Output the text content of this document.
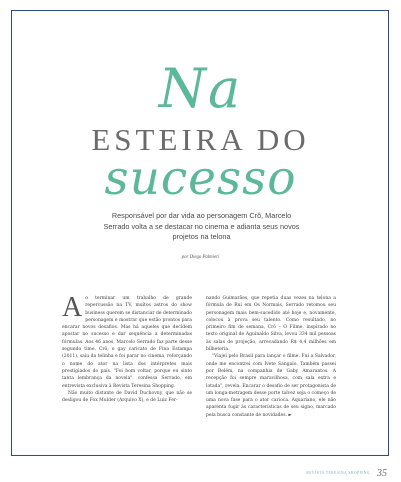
Na
ESTEIRA DO
sucesso
Responsável por dar vida ao personagem Crô, Marcelo Serrado volta a se destacar no cinema e adianta seus novos projetos na telona
por Diego Palmieri
A o terminar um trabalho de grande repercussão na TV, muitos astros do show business querem se distanciar de determinado personagem e mostrar que estão prontos para encarar novos desafios. Mas há aqueles que decidem apostar no sucesso e dar sequência a determinadas fórmulas. Aos 46 anos, Marcelo Serrado faz parte desse segundo time. Crô, o gay caricato de Fina Estampa (2011), saiu da telinha e foi parar no cinema, reforçando o nome do ator na lista dos intérpretes mais prestigiados do país. "Foi bom voltar, porque eu sinto tanta lembrança da novela", confessa Serrado, em entrevista exclusiva à Revista Teresina Shopping.

Não muito distante de David Duchovny, que não se desligou de Fox Mulder (Arquivo X), e de Luiz Fer-

nando Guimarães, que repetia duas vezes na telona a fórmula de Rui em Os Normais, Serrado retomou seu personagem mais bem-sucedido até hoje e, novamente, colocou à prova seu talento. Como resultado, no primeiro fim de semana, Crô – O Filme, inspirado no texto original de Aguinaldo Silva, levou 334 mil pessoas às salas de projeção, arrecadando R$ 4,4 milhões em bilheteria.

"Viajei pelo Brasil para lançar o filme. Fui a Salvador, onde me encontrei com Ivete Sangalo. Também passei por Belém, na companhia de Gaby Amarantos. A recepção foi sempre maravilhosa, com sala extra e lotada", revela. Encarar o desafio de ser protagonista de um longa-metragem desse porte talvez seja o começo de uma nova fase para o ator carioca. Aquariano, ele não aparenta fugir às características de seu signo, marcado pela busca constante de novidades. ►

REVISTA TERESINA SHOPPING 35
